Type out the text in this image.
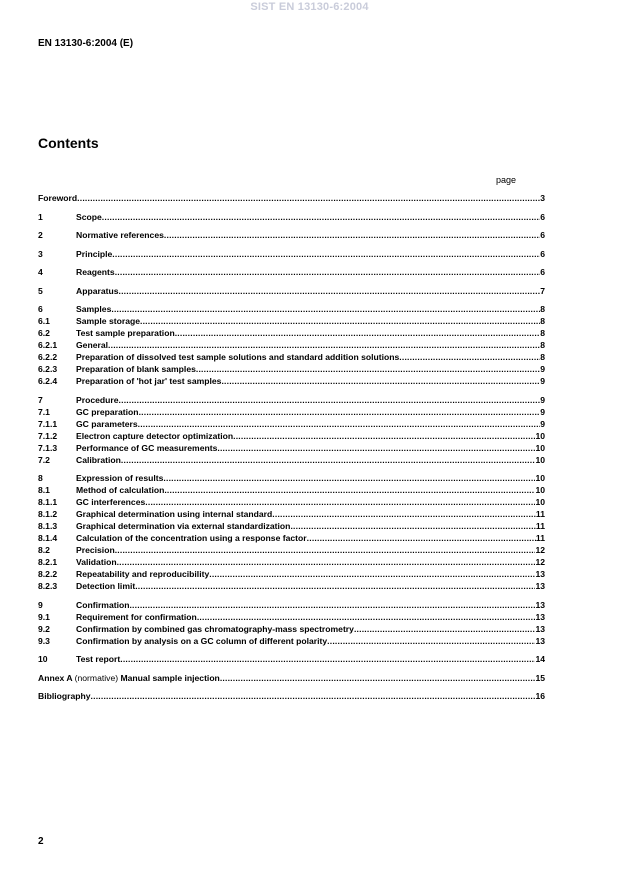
SIST EN 13130-6:2004
EN 13130-6:2004 (E)
Contents
page
Foreword .....	3
1	Scope .....	6
2	Normative references .....	6
3	Principle .....	6
4	Reagents .....	6
5	Apparatus .....	7
6	Samples .....	8
6.1	Sample storage .....	8
6.2	Test sample preparation .....	8
6.2.1	General .....	8
6.2.2	Preparation of dissolved test sample solutions and standard addition solutions .....	8
6.2.3	Preparation of blank samples .....	9
6.2.4	Preparation of 'hot jar' test samples .....	9
7	Procedure .....	9
7.1	GC preparation .....	9
7.1.1	GC parameters .....	9
7.1.2	Electron capture detector optimization .....	10
7.1.3	Performance of GC measurements .....	10
7.2	Calibration .....	10
8	Expression of results .....	10
8.1	Method of calculation .....	10
8.1.1	GC interferences .....	10
8.1.2	Graphical determination using internal standard .....	11
8.1.3	Graphical determination via external standardization .....	11
8.1.4	Calculation of the concentration using a response factor .....	11
8.2	Precision .....	12
8.2.1	Validation .....	12
8.2.2	Repeatability and reproducibility .....	13
8.2.3	Detection limit .....	13
9	Confirmation .....	13
9.1	Requirement for confirmation .....	13
9.2	Confirmation by combined gas chromatography-mass spectrometry .....	13
9.3	Confirmation by analysis on a GC column of different polarity .....	13
10	Test report .....	14
Annex A (normative) Manual sample injection .....	15
Bibliography .....	16
2
